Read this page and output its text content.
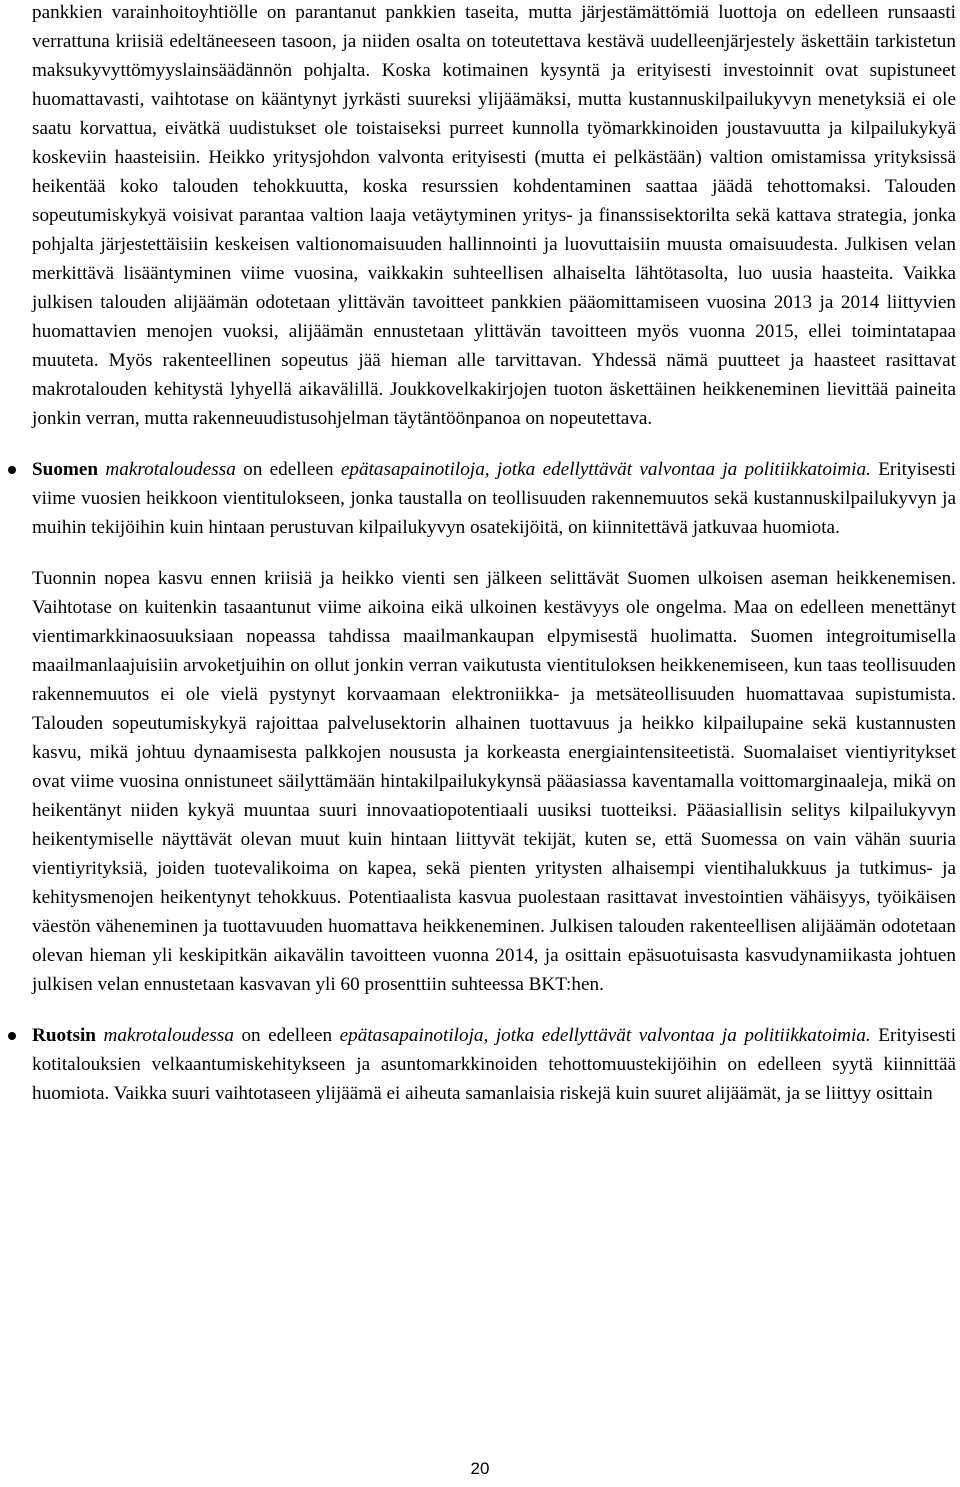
pankkien varainhoitoyhtiölle on parantanut pankkien taseita, mutta järjestämättömiä luottoja on edelleen runsaasti verrattuna kriisiä edeltäneeseen tasoon, ja niiden osalta on toteutettava kestävä uudelleenjärjestely äskettäin tarkistetun maksukyvyttömyyslainsäädännön pohjalta. Koska kotimainen kysyntä ja erityisesti investoinnit ovat supistuneet huomattavasti, vaihtotase on kääntynyt jyrkästi suureksi ylijäämäksi, mutta kustannuskilpailukyvyn menetyksiä ei ole saatu korvattua, eivätkä uudistukset ole toistaiseksi purreet kunnolla työmarkkinoiden joustavuutta ja kilpailukykyä koskeviin haasteisiin. Heikko yritysjohdon valvonta erityisesti (mutta ei pelkästään) valtion omistamissa yrityksissä heikentää koko talouden tehokkuutta, koska resurssien kohdentaminen saattaa jäädä tehottomaksi. Talouden sopeutumiskykyä voisivat parantaa valtion laaja vetäytyminen yritys- ja finanssisektorilta sekä kattava strategia, jonka pohjalta järjestettäisiin keskeisen valtionomaisuuden hallinnointi ja luovuttaisiin muusta omaisuudesta. Julkisen velan merkittävä lisääntyminen viime vuosina, vaikkakin suhteellisen alhaiselta lähtötasolta, luo uusia haasteita. Vaikka julkisen talouden alijäämän odotetaan ylittävän tavoitteet pankkien pääomittamiseen vuosina 2013 ja 2014 liittyvien huomattavien menojen vuoksi, alijäämän ennustetaan ylittävän tavoitteen myös vuonna 2015, ellei toimintatapaa muuteta. Myös rakenteellinen sopeutus jää hieman alle tarvittavan. Yhdessä nämä puutteet ja haasteet rasittavat makrotalouden kehitystä lyhyellä aikavälillä. Joukkovelkakirjojen tuoton äskettäinen heikkeneminen lievittää paineita jonkin verran, mutta rakenneuudistusohjelman täytäntöönpanoa on nopeutettava.

Suomen makrotaloudessa on edelleen epätasapainotiloja, jotka edellyttävät valvontaa ja politiikkatoimia. Erityisesti viime vuosien heikkoon vientitulokseen, jonka taustalla on teollisuuden rakennemuutos sekä kustannuskilpailukyvyn ja muihin tekijöihin kuin hintaan perustuvan kilpailukyvyn osatekijöitä, on kiinnitettävä jatkuvaa huomiota.

Tuonnin nopea kasvu ennen kriisiä ja heikko vienti sen jälkeen selittävät Suomen ulkoisen aseman heikkenemisen. Vaihtotase on kuitenkin tasaantunut viime aikoina eikä ulkoinen kestävyys ole ongelma. Maa on edelleen menettänyt vientimarkkinaosuuksiaan nopeassa tahdissa maailmankaupan elpymisestä huolimatta. Suomen integroitumisella maailmanlaajuisiin arvoketjuihin on ollut jonkin verran vaikutusta vientituloksen heikkenemiseen, kun taas teollisuuden rakennemuutos ei ole vielä pystynyt korvaamaan elektroniikka- ja metsäteollisuuden huomattavaa supistumista. Talouden sopeutumiskykyä rajoittaa palvelusektorin alhainen tuottavuus ja heikko kilpailupaine sekä kustannusten kasvu, mikä johtuu dynaamisesta palkkojen noususta ja korkeasta energiaintensiteetistä. Suomalaiset vientiyritykset ovat viime vuosina onnistuneet säilyttämään hintakilpailukykynsä pääasiassa kaventamalla voittomarginaaleja, mikä on heikentänyt niiden kykyä muuntaa suuri innovaatiopotentiaali uusiksi tuotteiksi. Pääasiallisin selitys kilpailukyvyn heikentymiselle näyttävät olevan muut kuin hintaan liittyvät tekijät, kuten se, että Suomessa on vain vähän suuria vientiyrityksiä, joiden tuotevalikoima on kapea, sekä pienten yritysten alhaisempi vientihalukkuus ja tutkimus- ja kehitysmenojen heikentynyt tehokkuus. Potentiaalista kasvua puolestaan rasittavat investointien vähäisyys, työikäisen väestön väheneminen ja tuottavuuden huomattava heikkeneminen. Julkisen talouden rakenteellisen alijäämän odotetaan olevan hieman yli keskipitkän aikavälin tavoitteen vuonna 2014, ja osittain epäsuotuisasta kasvudynamiikasta johtuen julkisen velan ennustetaan kasvavan yli 60 prosenttiin suhteessa BKT:hen.

Ruotsin makrotaloudessa on edelleen epätasapainotiloja, jotka edellyttävät valvontaa ja politiikkatoimia. Erityisesti kotitalouksien velkaantumiskehitykseen ja asuntomarkkinoiden tehottomuustekijöihin on edelleen syytä kiinnittää huomiota. Vaikka suuri vaihtotaseen ylijäämä ei aiheuta samanlaisia riskejä kuin suuret alijäämät, ja se liittyy osittain

20
